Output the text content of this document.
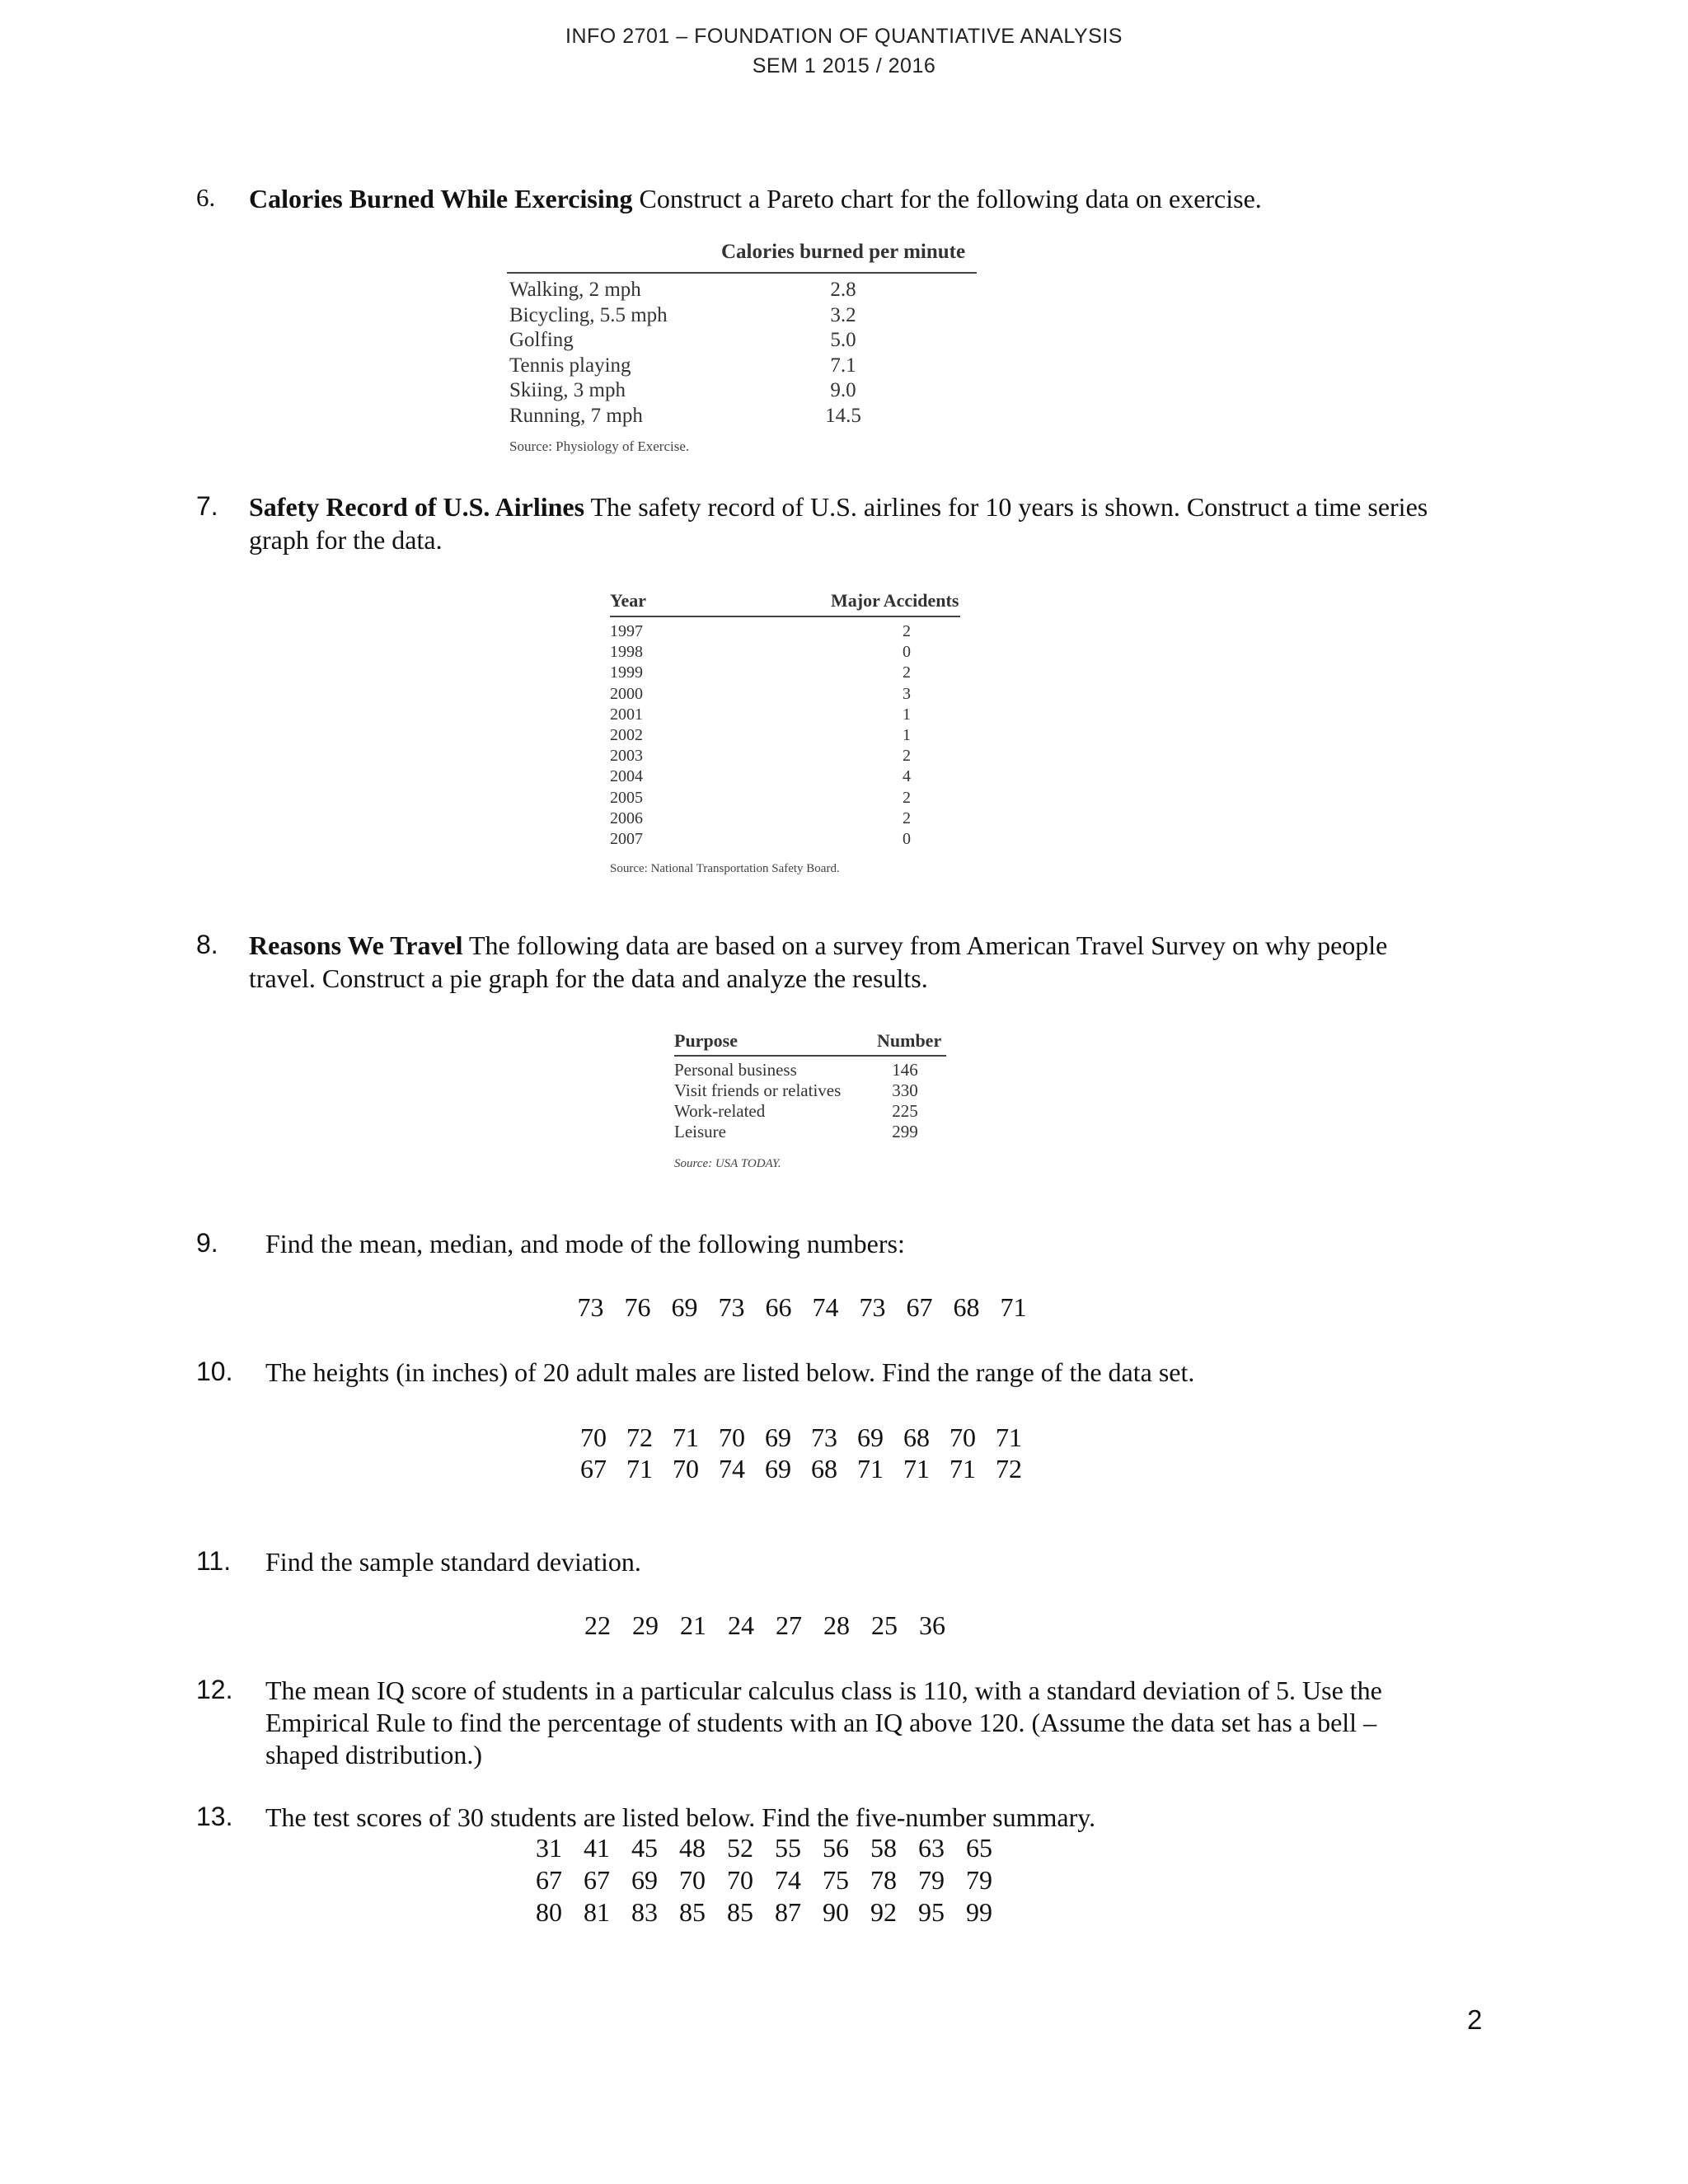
INFO 2701 – FOUNDATION OF QUANTIATIVE ANALYSIS
SEM 1 2015 / 2016
6. Calories Burned While Exercising Construct a Pareto chart for the following data on exercise.
Calories burned per minute
Walking, 2 mph	2.8
Bicycling, 5.5 mph	3.2
Golfing	5.0
Tennis playing	7.1
Skiing, 3 mph	9.0
Running, 7 mph	14.5
Source: Physiology of Exercise.
7. Safety Record of U.S. Airlines The safety record of U.S. airlines for 10 years is shown. Construct a time series
graph for the data.
Year	Major Accidents
1997	2
1998	0
1999	2
2000	3
2001	1
2002	1
2003	2
2004	4
2005	2
2006	2
2007	0
Source: National Transportation Safety Board.
8. Reasons We Travel The following data are based on a survey from American Travel Survey on why people
travel. Construct a pie graph for the data and analyze the results.
Purpose	Number
Personal business	146
Visit friends or relatives	330
Work-related	225
Leisure	299
Source: USA TODAY.
9. Find the mean, median, and mode of the following numbers:
73 76 69 73 66 74 73 67 68 71
10. The heights (in inches) of 20 adult males are listed below. Find the range of the data set.
70 72 71 70 69 73 69 68 70 71
67 71 70 74 69 68 71 71 71 72
11. Find the sample standard deviation.
22 29 21 24 27 28 25 36
12. The mean IQ score of students in a particular calculus class is 110, with a standard deviation of 5. Use the
Empirical Rule to find the percentage of students with an IQ above 120. (Assume the data set has a bell –
shaped distribution.)
13. The test scores of 30 students are listed below. Find the five-number summary.
31 41 45 48 52 55 56 58 63 65
67 67 69 70 70 74 75 78 79 79
80 81 83 85 85 87 90 92 95 99
2
